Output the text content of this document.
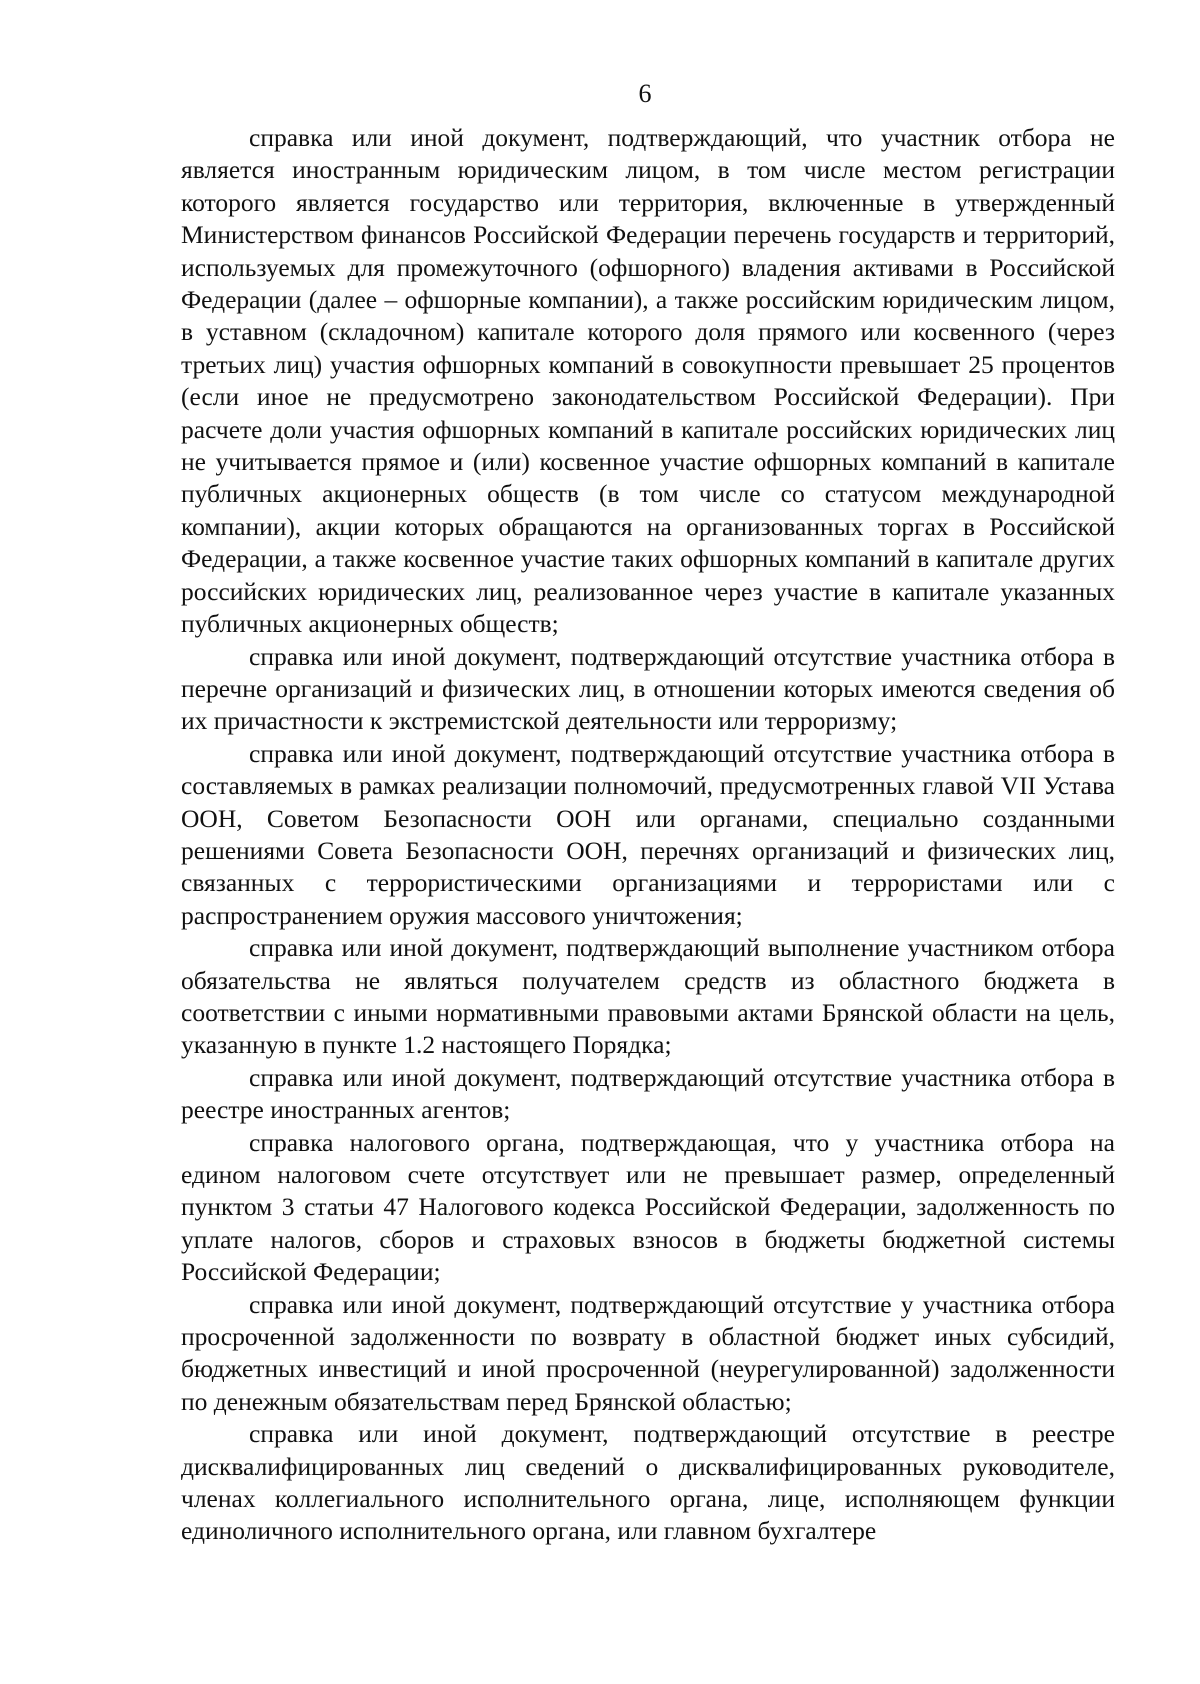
6

справка или иной документ, подтверждающий, что участник отбора не является иностранным юридическим лицом, в том числе местом регистрации которого является государство или территория, включенные в утвержденный Министерством финансов Российской Федерации перечень государств и территорий, используемых для промежуточного (офшорного) владения активами в Российской Федерации (далее – офшорные компании), а также российским юридическим лицом, в уставном (складочном) капитале которого доля прямого или косвенного (через третьих лиц) участия офшорных компаний в совокупности превышает 25 процентов (если иное не предусмотрено законодательством Российской Федерации). При расчете доли участия офшорных компаний в капитале российских юридических лиц не учитывается прямое и (или) косвенное участие офшорных компаний в капитале публичных акционерных обществ (в том числе со статусом международной компании), акции которых обращаются на организованных торгах в Российской Федерации, а также косвенное участие таких офшорных компаний в капитале других российских юридических лиц, реализованное через участие в капитале указанных публичных акционерных обществ;

справка или иной документ, подтверждающий отсутствие участника отбора в перечне организаций и физических лиц, в отношении которых имеются сведения об их причастности к экстремистской деятельности или терроризму;

справка или иной документ, подтверждающий отсутствие участника отбора в составляемых в рамках реализации полномочий, предусмотренных главой VII Устава ООН, Советом Безопасности ООН или органами, специально созданными решениями Совета Безопасности ООН, перечнях организаций и физических лиц, связанных с террористическими организациями и террористами или с распространением оружия массового уничтожения;

справка или иной документ, подтверждающий выполнение участником отбора обязательства не являться получателем средств из областного бюджета в соответствии с иными нормативными правовыми актами Брянской области на цель, указанную в пункте 1.2 настоящего Порядка;

справка или иной документ, подтверждающий отсутствие участника отбора в реестре иностранных агентов;

справка налогового органа, подтверждающая, что у участника отбора на едином налоговом счете отсутствует или не превышает размер, определенный пунктом 3 статьи 47 Налогового кодекса Российской Федерации, задолженность по уплате налогов, сборов и страховых взносов в бюджеты бюджетной системы Российской Федерации;

справка или иной документ, подтверждающий отсутствие у участника отбора просроченной задолженности по возврату в областной бюджет иных субсидий, бюджетных инвестиций и иной просроченной (неурегулированной) задолженности по денежным обязательствам перед Брянской областью;

справка или иной документ, подтверждающий отсутствие в реестре дисквалифицированных лиц сведений о дисквалифицированных руководителе, членах коллегиального исполнительного органа, лице, исполняющем функции единоличного исполнительного органа, или главном бухгалтере
